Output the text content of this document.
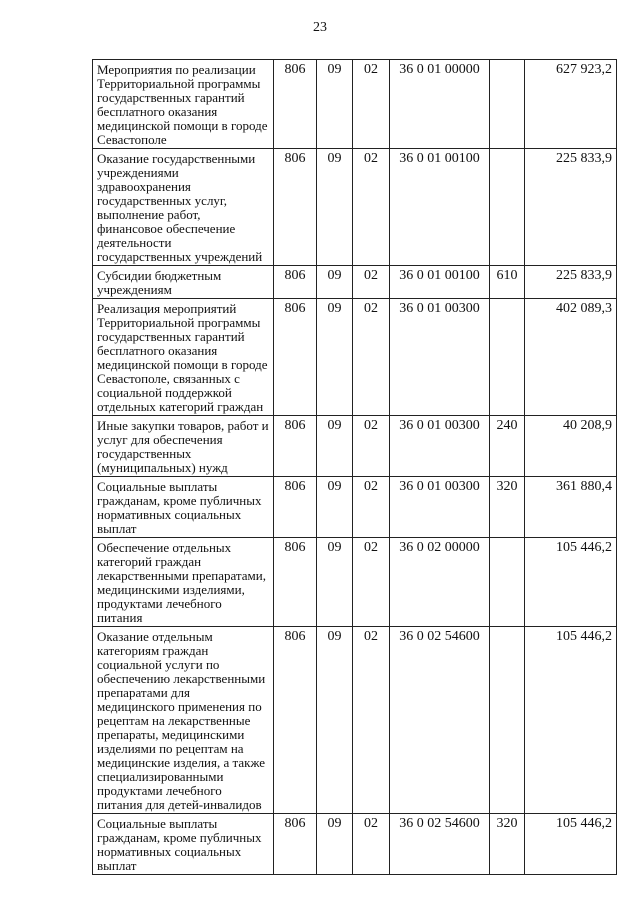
23
Мероприятия по реализации Территориальной программы государственных гарантий бесплатного оказания медицинской помощи в городе Севастополе	806	09	02	36 0 01 00000		627 923,2
Оказание государственными учреждениями здравоохранения государственных услуг, выполнение работ, финансовое обеспечение деятельности государственных учреждений	806	09	02	36 0 01 00100		225 833,9
Субсидии бюджетным учреждениям	806	09	02	36 0 01 00100	610	225 833,9
Реализация мероприятий Территориальной программы государственных гарантий бесплатного оказания медицинской помощи в городе Севастополе, связанных с социальной поддержкой отдельных категорий граждан	806	09	02	36 0 01 00300		402 089,3
Иные закупки товаров, работ и услуг для обеспечения государственных (муниципальных) нужд	806	09	02	36 0 01 00300	240	40 208,9
Социальные выплаты гражданам, кроме публичных нормативных социальных выплат	806	09	02	36 0 01 00300	320	361 880,4
Обеспечение отдельных категорий граждан лекарственными препаратами, медицинскими изделиями, продуктами лечебного питания	806	09	02	36 0 02 00000		105 446,2
Оказание отдельным категориям граждан социальной услуги по обеспечению лекарственными препаратами для медицинского применения по рецептам на лекарственные препараты, медицинскими изделиями по рецептам на медицинские изделия, а также специализированными продуктами лечебного питания для детей-инвалидов	806	09	02	36 0 02 54600		105 446,2
Социальные выплаты гражданам, кроме публичных нормативных социальных выплат	806	09	02	36 0 02 54600	320	105 446,2
